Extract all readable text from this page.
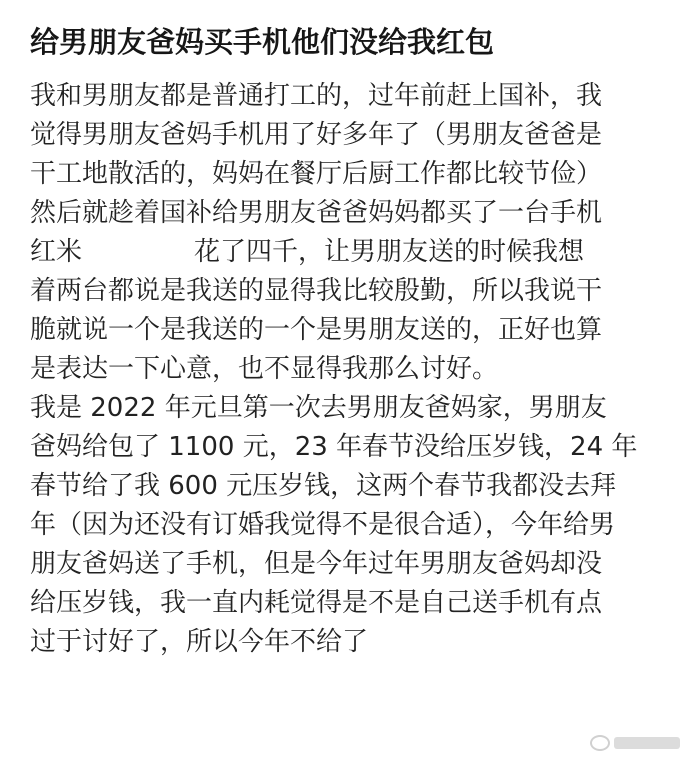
给男朋友爸妈买手机他们没给我红包
我和男朋友都是普通打工的，过年前赶上国补，我
觉得男朋友爸妈手机用了好多年了（男朋友爸爸是
干工地散活的，妈妈在餐厅后厨工作都比较节俭）
然后就趁着国补给男朋友爸爸妈妈都买了一台手机
红米	花了四千，让男朋友送的时候我想
着两台都说是我送的显得我比较殷勤，所以我说干
脆就说一个是我送的一个是男朋友送的，正好也算
是表达一下心意，也不显得我那么讨好。
我是 2022 年元旦第一次去男朋友爸妈家，男朋友
爸妈给包了 1100 元，23 年春节没给压岁钱，24 年
春节给了我 600 元压岁钱，这两个春节我都没去拜
年（因为还没有订婚我觉得不是很合适），今年给男
朋友爸妈送了手机，但是今年过年男朋友爸妈却没
给压岁钱，我一直内耗觉得是不是自己送手机有点
过于讨好了，所以今年不给了
